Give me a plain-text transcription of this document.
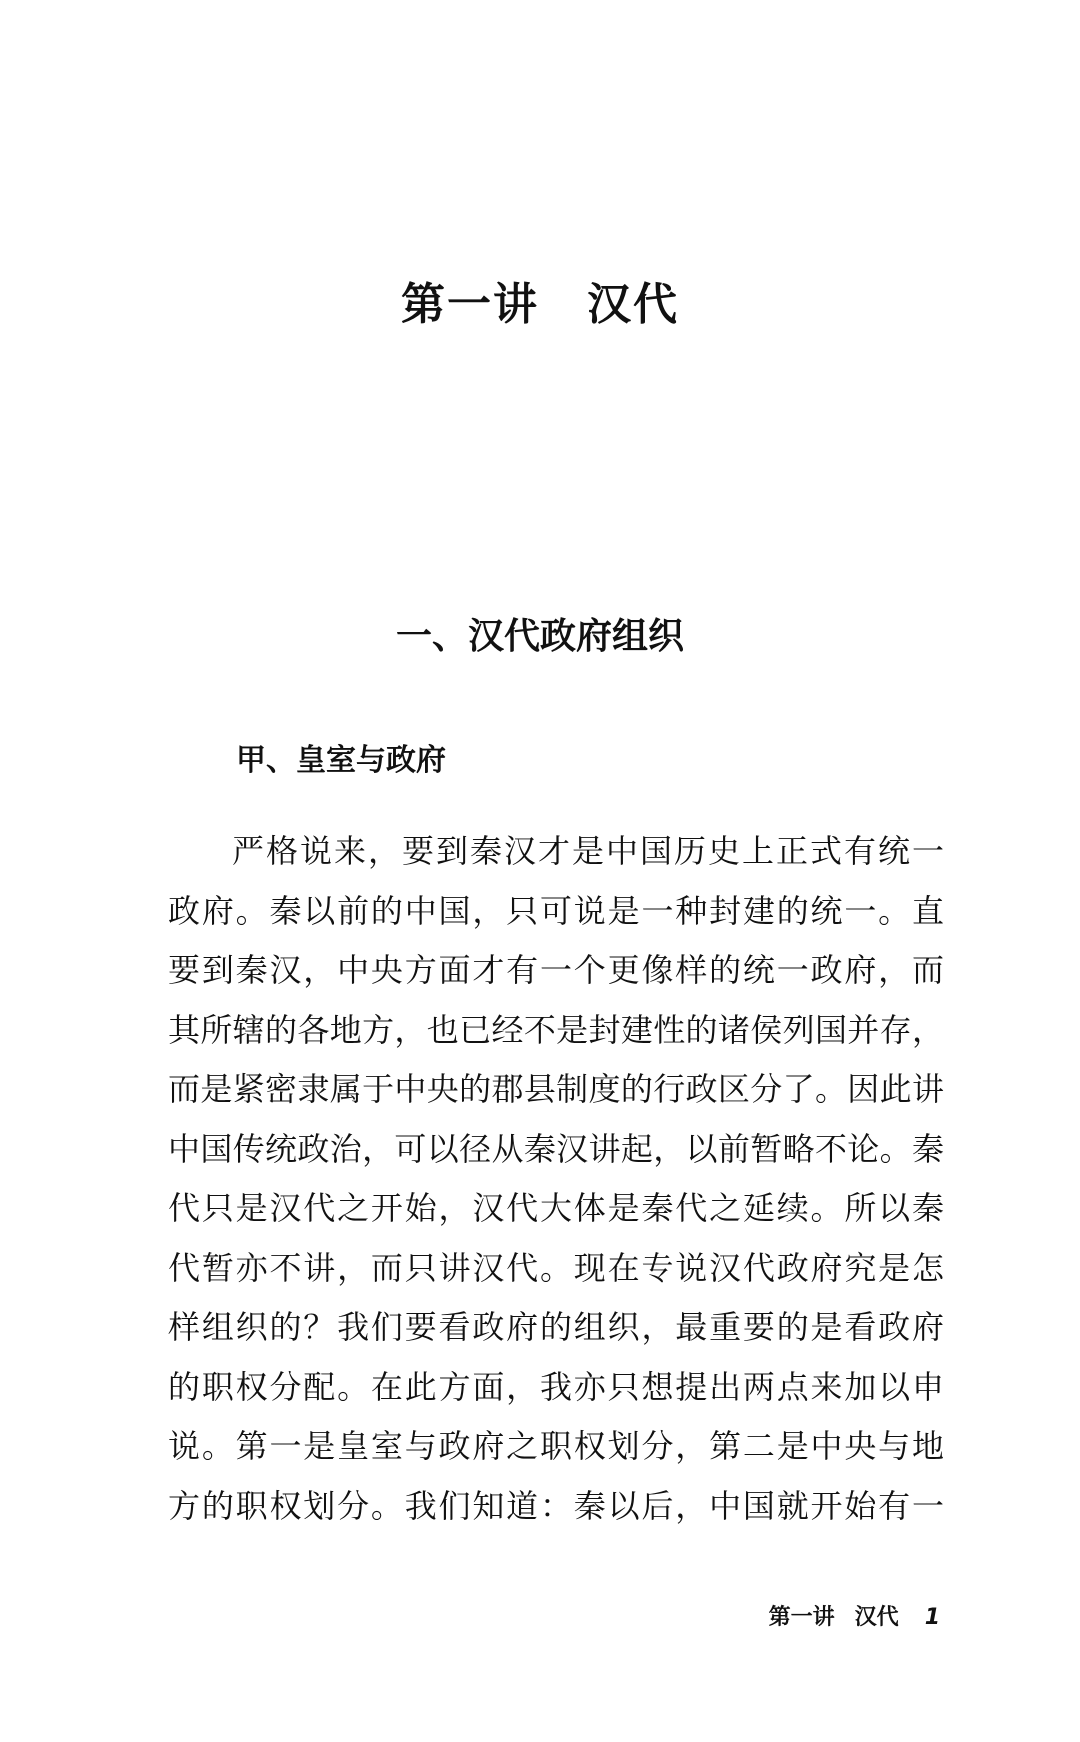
第一讲 汉代
一、汉代政府组织
甲、皇室与政府

严格说来，要到秦汉才是中国历史上正式有统一
政府。秦以前的中国，只可说是一种封建的统一。直
要到秦汉，中央方面才有一个更像样的统一政府，而
其所辖的各地方，也已经不是封建性的诸侯列国并存，
而是紧密隶属于中央的郡县制度的行政区分了。因此讲
中国传统政治，可以径从秦汉讲起，以前暂略不论。秦
代只是汉代之开始，汉代大体是秦代之延续。所以秦
代暂亦不讲，而只讲汉代。现在专说汉代政府究是怎
样组织的？我们要看政府的组织，最重要的是看政府
的职权分配。在此方面，我亦只想提出两点来加以申
说。第一是皇室与政府之职权划分，第二是中央与地
方的职权划分。我们知道：秦以后，中国就开始有一

第一讲 汉代 1
